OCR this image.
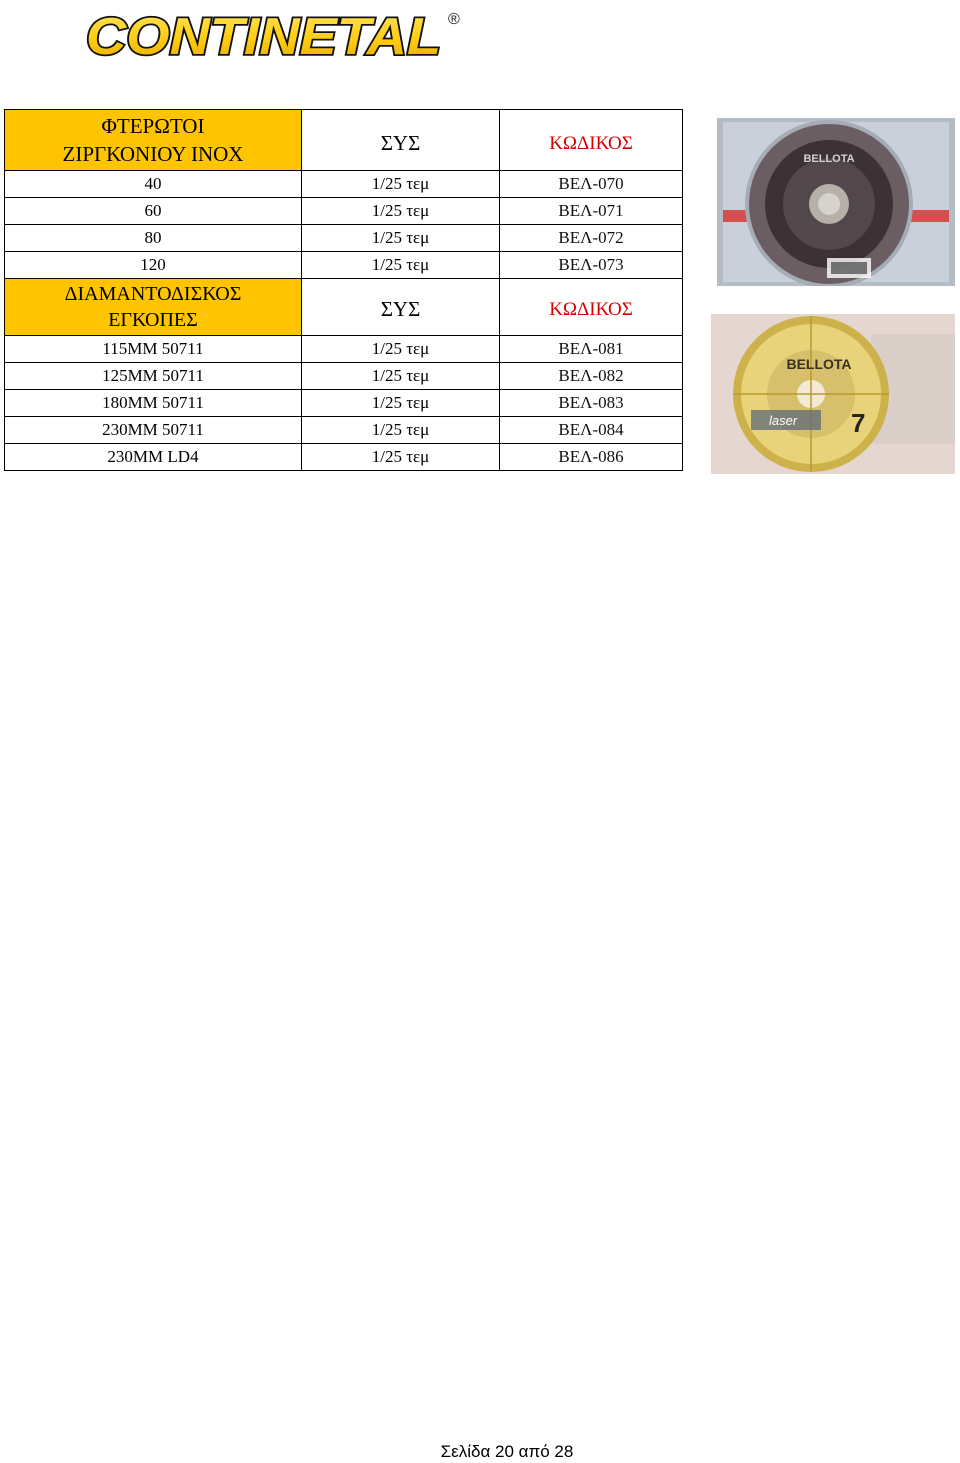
CONTINETAL ®
ΦΤΕΡΩΤΟΙ
ΖΙΡΓΚΟΝΙΟΥ INOX	ΣΥΣ	ΚΩΔΙΚΟΣ
40	1/25 τεμ	ΒΕΛ-070
60	1/25 τεμ	ΒΕΛ-071
80	1/25 τεμ	ΒΕΛ-072
120	1/25 τεμ	ΒΕΛ-073
ΔΙΑΜΑΝΤΟΔΙΣΚΟΣ
ΕΓΚΟΠΕΣ	ΣΥΣ	ΚΩΔΙΚΟΣ
115MM 50711	1/25 τεμ	ΒΕΛ-081
125MM 50711	1/25 τεμ	ΒΕΛ-082
180MM 50711	1/25 τεμ	ΒΕΛ-083
230MM 50711	1/25 τεμ	ΒΕΛ-084
230MM LD4	1/25 τεμ	ΒΕΛ-086
BELLOTA
BELLOTA
laser 7
Σελίδα 20 από 28
